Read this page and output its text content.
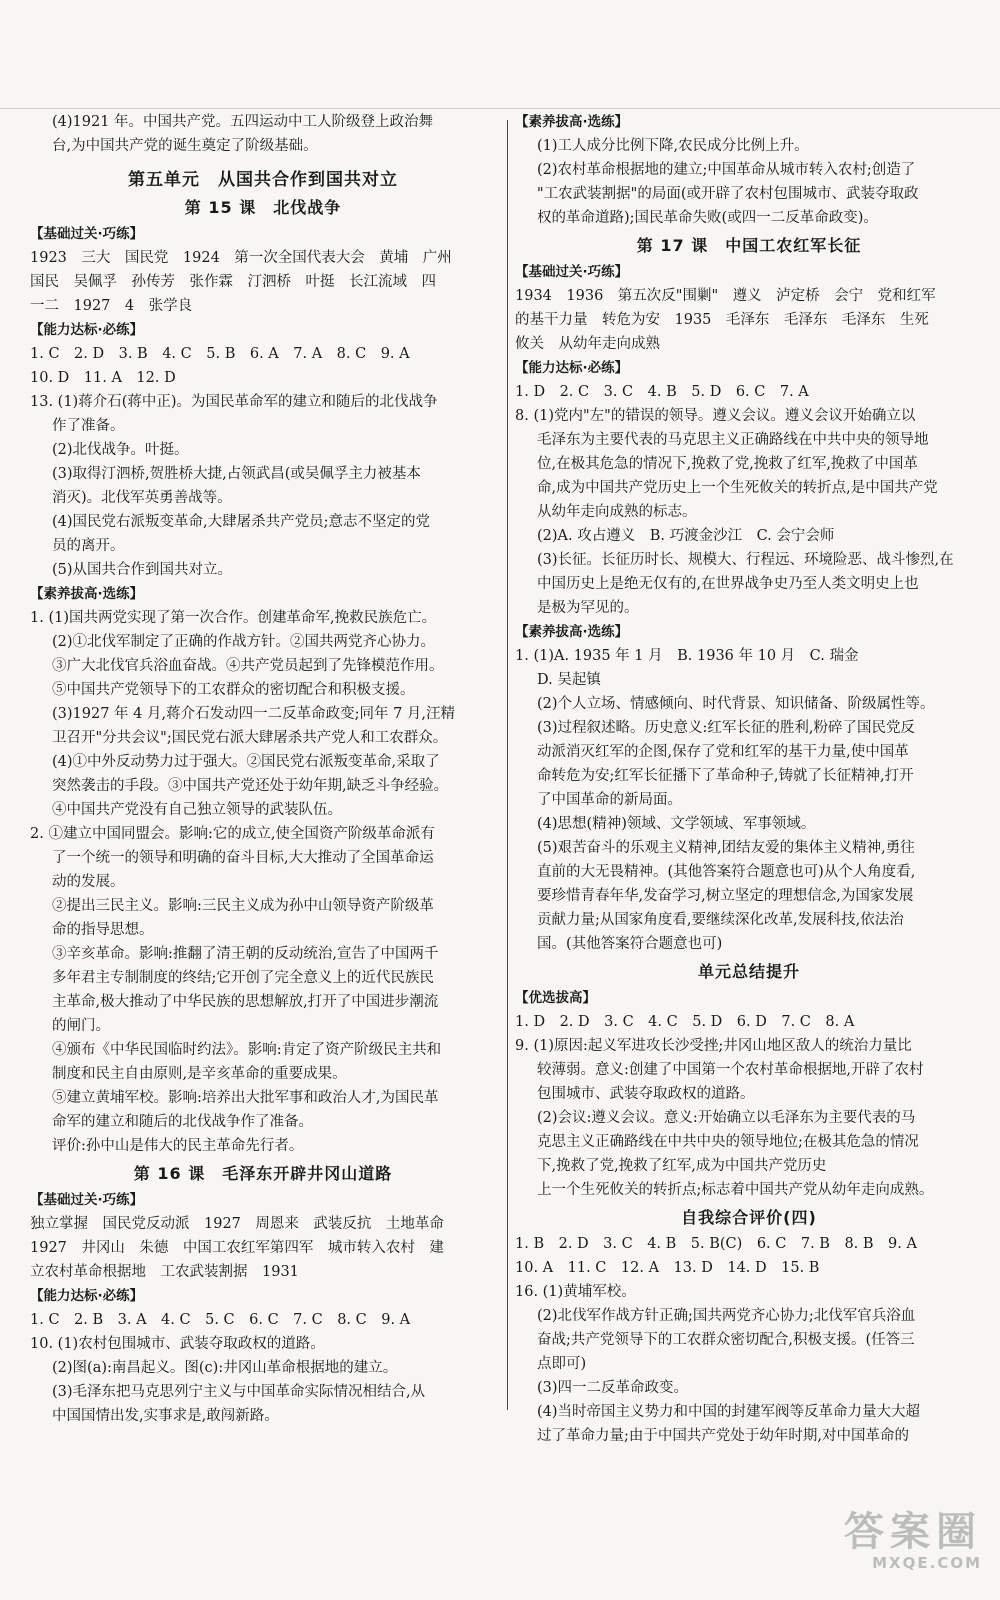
(4)1921 年。中国共产党。五四运动中工人阶级登上政治舞

台,为中国共产党的诞生奠定了阶级基础。

第五单元　从国共合作到国共对立
第 15 课　北伐战争

【基础过关·巧练】

1923　三大　国民党　1924　第一次全国代表大会　黄埔　广州

国民　吴佩孚　孙传芳　张作霖　汀泗桥　叶挺　长江流域　四

一二　1927　4　张学良

【能力达标·必练】

1. C　2. D　3. B　4. C　5. B　6. A　7. A　8. C　9. A

10. D　11. A　12. D

13. (1)蒋介石(蒋中正)。为国民革命军的建立和随后的北伐战争

作了准备。

(2)北伐战争。叶挺。

(3)取得汀泗桥,贺胜桥大捷,占领武昌(或吴佩孚主力被基本

消灭)。北伐军英勇善战等。

(4)国民党右派叛变革命,大肆屠杀共产党员;意志不坚定的党

员的离开。

(5)从国共合作到国共对立。

【素养拔高·选练】

1. (1)国共两党实现了第一次合作。创建革命军,挽救民族危亡。

(2)①北伐军制定了正确的作战方针。②国共两党齐心协力。

③广大北伐官兵浴血奋战。④共产党员起到了先锋模范作用。

⑤中国共产党领导下的工农群众的密切配合和积极支援。

(3)1927 年 4 月,蒋介石发动四一二反革命政变;同年 7 月,汪精

卫召开"分共会议";国民党右派大肆屠杀共产党人和工农群众。

(4)①中外反动势力过于强大。②国民党右派叛变革命,采取了

突然袭击的手段。③中国共产党还处于幼年期,缺乏斗争经验。

④中国共产党没有自己独立领导的武装队伍。

2. ①建立中国同盟会。影响:它的成立,使全国资产阶级革命派有

了一个统一的领导和明确的奋斗目标,大大推动了全国革命运

动的发展。

②提出三民主义。影响:三民主义成为孙中山领导资产阶级革

命的指导思想。

③辛亥革命。影响:推翻了清王朝的反动统治,宣告了中国两千

多年君主专制制度的终结;它开创了完全意义上的近代民族民

主革命,极大推动了中华民族的思想解放,打开了中国进步潮流

的闸门。

④颁布《中华民国临时约法》。影响:肯定了资产阶级民主共和

制度和民主自由原则,是辛亥革命的重要成果。

⑤建立黄埔军校。影响:培养出大批军事和政治人才,为国民革

命军的建立和随后的北伐战争作了准备。

评价:孙中山是伟大的民主革命先行者。

第 16 课　毛泽东开辟井冈山道路

【基础过关·巧练】

独立掌握　国民党反动派　1927　周恩来　武装反抗　土地革命

1927　井冈山　朱德　中国工农红军第四军　城市转入农村　建

立农村革命根据地　工农武装割据　1931

【能力达标·必练】

1. C　2. B　3. A　4. C　5. C　6. C　7. C　8. C　9. A

10. (1)农村包围城市、武装夺取政权的道路。

(2)图(a):南昌起义。图(c):井冈山革命根据地的建立。

(3)毛泽东把马克思列宁主义与中国革命实际情况相结合,从

中国国情出发,实事求是,敢闯新路。

【素养拔高·选练】

(1)工人成分比例下降,农民成分比例上升。

(2)农村革命根据地的建立;中国革命从城市转入农村;创造了

"工农武装割据"的局面(或开辟了农村包围城市、武装夺取政

权的革命道路);国民革命失败(或四一二反革命政变)。

第 17 课　中国工农红军长征

【基础过关·巧练】

1934　1936　第五次反"围剿"　遵义　泸定桥　会宁　党和红军

的基干力量　转危为安　1935　毛泽东　毛泽东　毛泽东　生死

攸关　从幼年走向成熟

【能力达标·必练】

1. D　2. C　3. C　4. B　5. D　6. C　7. A

8. (1)党内"左"的错误的领导。遵义会议。遵义会议开始确立以

毛泽东为主要代表的马克思主义正确路线在中共中央的领导地

位,在极其危急的情况下,挽救了党,挽救了红军,挽救了中国革

命,成为中国共产党历史上一个生死攸关的转折点,是中国共产党

从幼年走向成熟的标志。

(2)A. 攻占遵义　B. 巧渡金沙江　C. 会宁会师

(3)长征。长征历时长、规模大、行程远、环境险恶、战斗惨烈,在

中国历史上是绝无仅有的,在世界战争史乃至人类文明史上也

是极为罕见的。

【素养拔高·选练】

1. (1)A. 1935 年 1 月　B. 1936 年 10 月　C. 瑞金

D. 吴起镇

(2)个人立场、情感倾向、时代背景、知识储备、阶级属性等。

(3)过程叙述略。历史意义:红军长征的胜利,粉碎了国民党反

动派消灭红军的企图,保存了党和红军的基干力量,使中国革

命转危为安;红军长征播下了革命种子,铸就了长征精神,打开

了中国革命的新局面。

(4)思想(精神)领域、文学领域、军事领域。

(5)艰苦奋斗的乐观主义精神,团结友爱的集体主义精神,勇往

直前的大无畏精神。(其他答案符合题意也可)从个人角度看,

要珍惜青春年华,发奋学习,树立坚定的理想信念,为国家发展

贡献力量;从国家角度看,要继续深化改革,发展科技,依法治

国。(其他答案符合题意也可)

单元总结提升

【优选拔高】

1. D　2. D　3. C　4. C　5. D　6. D　7. C　8. A

9. (1)原因:起义军进攻长沙受挫;井冈山地区敌人的统治力量比

较薄弱。意义:创建了中国第一个农村革命根据地,开辟了农村

包围城市、武装夺取政权的道路。

(2)会议:遵义会议。意义:开始确立以毛泽东为主要代表的马

克思主义正确路线在中共中央的领导地位;在极其危急的情况

下,挽救了党,挽救了红军,成为中国共产党历史

上一个生死攸关的转折点;标志着中国共产党从幼年走向成熟。

自我综合评价(四)

1. B　2. D　3. C　4. B　5. B(C)　6. C　7. B　8. B　9. A

10. A　11. C　12. A　13. D　14. D　15. B

16. (1)黄埔军校。

(2)北伐军作战方针正确;国共两党齐心协力;北伐军官兵浴血

奋战;共产党领导下的工农群众密切配合,积极支援。(任答三

点即可)

(3)四一二反革命政变。

(4)当时帝国主义势力和中国的封建军阀等反革命力量大大超

过了革命力量;由于中国共产党处于幼年时期,对中国革命的

答案圈
MXQE.COM
